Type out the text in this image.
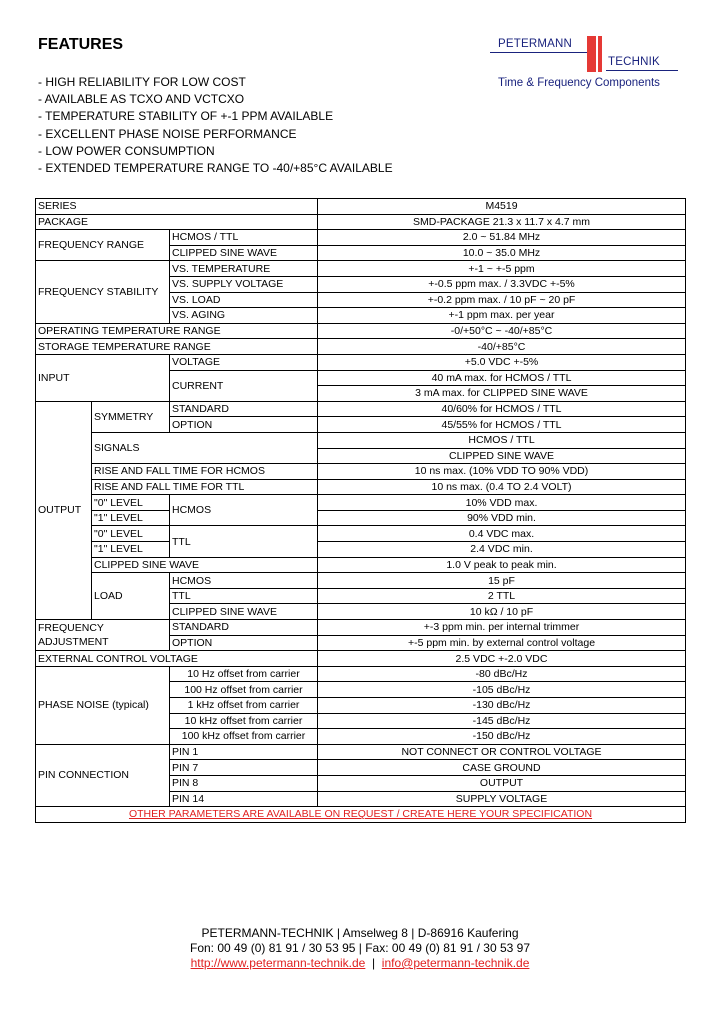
FEATURES	PETERMANN
TECHNIK
Time & Frequency Components
- HIGH RELIABILITY FOR LOW COST
- AVAILABLE AS TCXO AND VCTCXO
- TEMPERATURE STABILITY OF +-1 PPM AVAILABLE
- EXCELLENT PHASE NOISE PERFORMANCE
- LOW POWER CONSUMPTION
- EXTENDED TEMPERATURE RANGE TO -40/+85°C AVAILABLE
SERIES			M4519
PACKAGE			SMD-PACKAGE 21.3 x 11.7 x 4.7 mm
FREQUENCY RANGE		HCMOS / TTL	2.0 ~ 51.84 MHz
		CLIPPED SINE WAVE	10.0 ~ 35.0 MHz
FREQUENCY STABILITY		VS. TEMPERATURE	+-1 ~ +-5 ppm
		VS. SUPPLY VOLTAGE	+-0.5 ppm max. / 3.3VDC +-5%
		VS. LOAD	+-0.2 ppm max. / 10 pF ~ 20 pF
		VS. AGING	+-1 ppm max. per year
OPERATING TEMPERATURE RANGE			-0/+50°C ~ -40/+85°C
STORAGE TEMPERATURE RANGE			-40/+85°C
INPUT		VOLTAGE	+5.0 VDC +-5%
		CURRENT	40 mA max. for HCMOS / TTL
			3 mA max. for CLIPPED SINE WAVE
OUTPUT	SYMMETRY	STANDARD	40/60% for HCMOS / TTL
		OPTION	45/55% for HCMOS / TTL
	SIGNALS		HCMOS / TTL
			CLIPPED SINE WAVE
	RISE AND FALL TIME FOR HCMOS		10 ns max. (10% VDD TO 90% VDD)
	RISE AND FALL TIME FOR TTL		10 ns max. (0.4 TO 2.4 VOLT)
	"0" LEVEL	HCMOS	10% VDD max.
	"1" LEVEL		90% VDD min.
	"0" LEVEL	TTL	0.4 VDC max.
	"1" LEVEL		2.4 VDC min.
	CLIPPED SINE WAVE		1.0 V peak to peak min.
	LOAD	HCMOS	15 pF
		TTL	2 TTL
		CLIPPED SINE WAVE	10 kΩ / 10 pF

FREQUENCY
ADJUSTMENT		STANDARD	+-3 ppm min. per internal trimmer
		OPTION	+-5 ppm min. by external control voltage
EXTERNAL CONTROL VOLTAGE			2.5 VDC +-2.0 VDC
PHASE NOISE (typical)		10 Hz offset from carrier	-80 dBc/Hz
		100 Hz offset from carrier	-105 dBc/Hz
		1 kHz offset from carrier	-130 dBc/Hz
		10 kHz offset from carrier	-145 dBc/Hz
		100 kHz offset from carrier	-150 dBc/Hz
PIN CONNECTION		PIN 1	NOT CONNECT OR CONTROL VOLTAGE
		PIN 7	CASE GROUND
		PIN 8	OUTPUT
		PIN 14	SUPPLY VOLTAGE
OTHER PARAMETERS ARE AVAILABLE ON REQUEST / CREATE HERE YOUR SPECIFICATION			
PETERMANN-TECHNIK | Amselweg 8 | D-86916 Kaufering
Fon: 00 49 (0) 81 91 / 30 53 95 | Fax: 00 49 (0) 81 91 / 30 53 97
http://www.petermann-technik.de  |  info@petermann-technik.de
